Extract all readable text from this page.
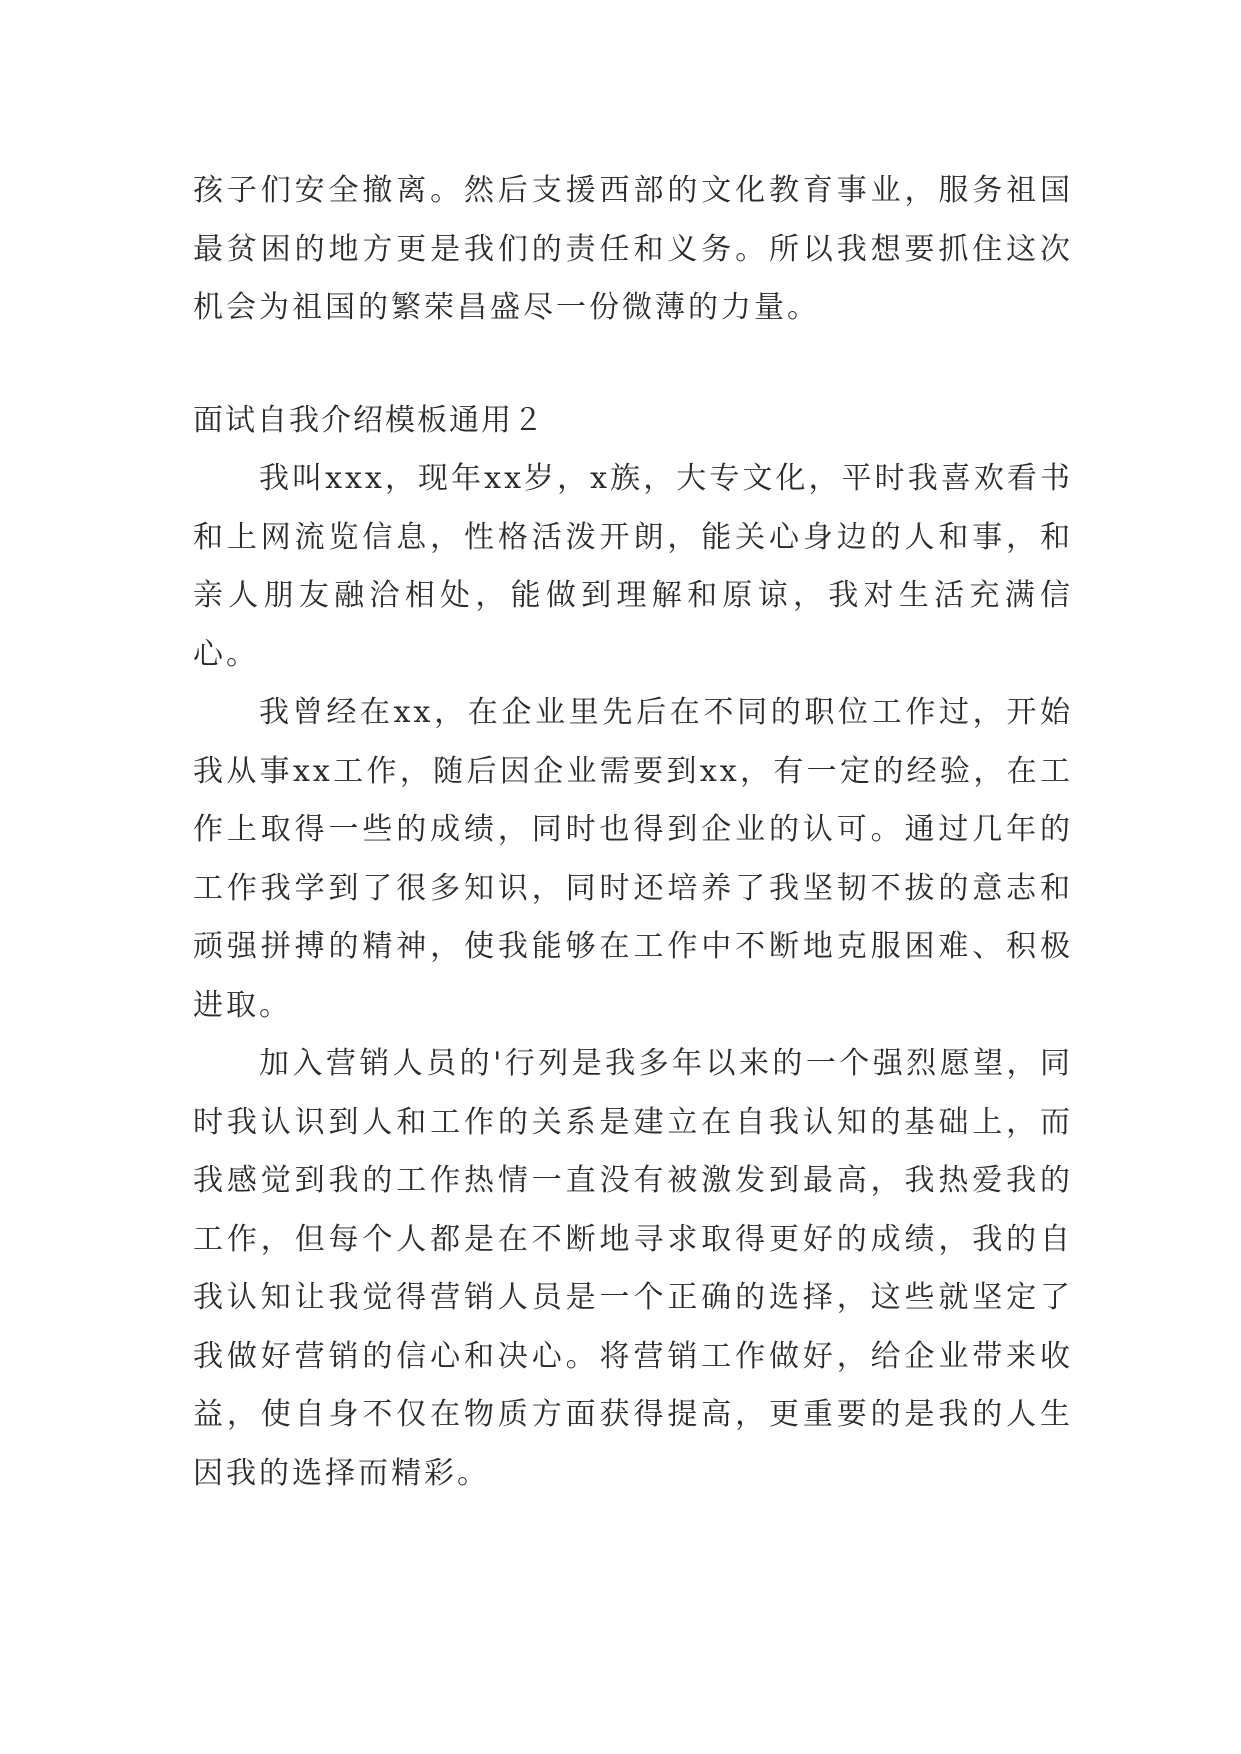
孩子们安全撤离。然后支援西部的文化教育事业，服务祖国最贫困的地方更是我们的责任和义务。所以我想要抓住这次机会为祖国的繁荣昌盛尽一份微薄的力量。

面试自我介绍模板通用２

我叫xxx，现年xx岁，x族，大专文化，平时我喜欢看书和上网流览信息，性格活泼开朗，能关心身边的人和事，和亲人朋友融洽相处，能做到理解和原谅，我对生活充满信心。

我曾经在xx，在企业里先后在不同的职位工作过，开始我从事xx工作，随后因企业需要到xx，有一定的经验，在工作上取得一些的成绩，同时也得到企业的认可。通过几年的工作我学到了很多知识，同时还培养了我坚韧不拔的意志和顽强拼搏的精神，使我能够在工作中不断地克服困难、积极进取。

加入营销人员的'行列是我多年以来的一个强烈愿望，同时我认识到人和工作的关系是建立在自我认知的基础上，而我感觉到我的工作热情一直没有被激发到最高，我热爱我的工作，但每个人都是在不断地寻求取得更好的成绩，我的自我认知让我觉得营销人员是一个正确的选择，这些就坚定了我做好营销的信心和决心。将营销工作做好，给企业带来收益，使自身不仅在物质方面获得提高，更重要的是我的人生因我的选择而精彩。
